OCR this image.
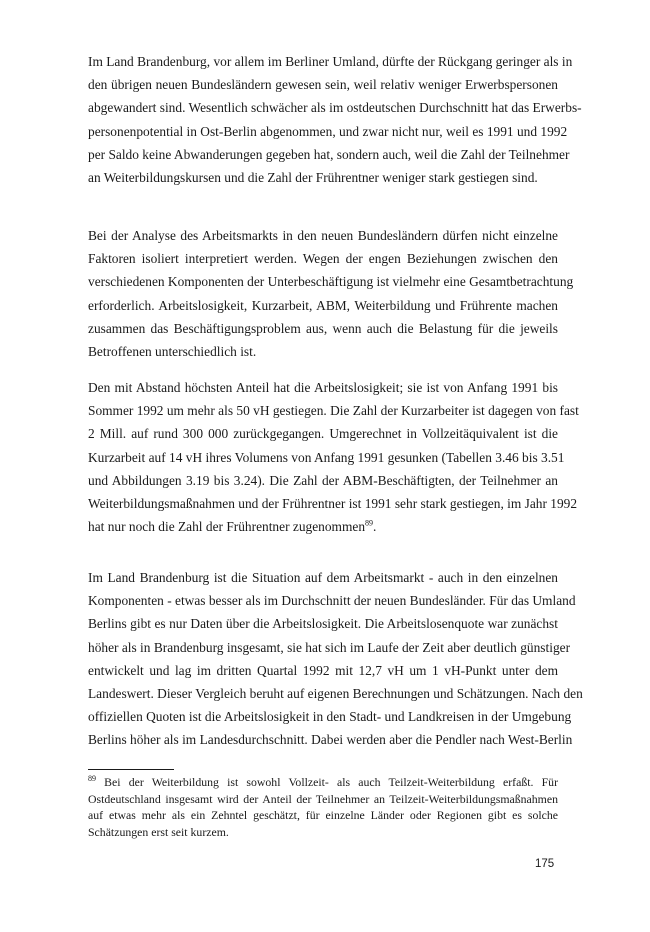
Im Land Brandenburg, vor allem im Berliner Umland, dürfte der Rückgang geringer als in
den übrigen neuen Bundesländern gewesen sein, weil relativ weniger Erwerbspersonen
abgewandert sind. Wesentlich schwächer als im ostdeutschen Durchschnitt hat das Erwerbs-
personenpotential in Ost-Berlin abgenommen, und zwar nicht nur, weil es 1991 und 1992
per Saldo keine Abwanderungen gegeben hat, sondern auch, weil die Zahl der Teilnehmer
an Weiterbildungskursen und die Zahl der Frührentner weniger stark gestiegen sind.

Bei der Analyse des Arbeitsmarkts in den neuen Bundesländern dürfen nicht einzelne
Faktoren isoliert interpretiert werden. Wegen der engen Beziehungen zwischen den
verschiedenen Komponenten der Unterbeschäftigung ist vielmehr eine Gesamtbetrachtung
erforderlich. Arbeitslosigkeit, Kurzarbeit, ABM, Weiterbildung und Frührente machen
zusammen das Beschäftigungsproblem aus, wenn auch die Belastung für die jeweils
Betroffenen unterschiedlich ist.

Den mit Abstand höchsten Anteil hat die Arbeitslosigkeit; sie ist von Anfang 1991 bis
Sommer 1992 um mehr als 50 vH gestiegen. Die Zahl der Kurzarbeiter ist dagegen von fast
2 Mill. auf rund 300 000 zurückgegangen. Umgerechnet in Vollzeitäquivalent ist die
Kurzarbeit auf 14 vH ihres Volumens von Anfang 1991 gesunken (Tabellen 3.46 bis 3.51
und Abbildungen 3.19 bis 3.24). Die Zahl der ABM-Beschäftigten, der Teilnehmer an
Weiterbildungsmaßnahmen und der Frührentner ist 1991 sehr stark gestiegen, im Jahr 1992
hat nur noch die Zahl der Frührentner zugenommen$^{89}$.

Im Land Brandenburg ist die Situation auf dem Arbeitsmarkt - auch in den einzelnen
Komponenten - etwas besser als im Durchschnitt der neuen Bundesländer. Für das Umland
Berlins gibt es nur Daten über die Arbeitslosigkeit. Die Arbeitslosenquote war zunächst
höher als in Brandenburg insgesamt, sie hat sich im Laufe der Zeit aber deutlich günstiger
entwickelt und lag im dritten Quartal 1992 mit 12,7 vH um 1 vH-Punkt unter dem
Landeswert. Dieser Vergleich beruht auf eigenen Berechnungen und Schätzungen. Nach den
offiziellen Quoten ist die Arbeitslosigkeit in den Stadt- und Landkreisen in der Umgebung
Berlins höher als im Landesdurchschnitt. Dabei werden aber die Pendler nach West-Berlin

$^{89}$ Bei der Weiterbildung ist sowohl Vollzeit- als auch Teilzeit-Weiterbildung erfaßt. Für
Ostdeutschland insgesamt wird der Anteil der Teilnehmer an Teilzeit-Weiterbildungsmaßnahmen
auf etwas mehr als ein Zehntel geschätzt, für einzelne Länder oder Regionen gibt es solche
Schätzungen erst seit kurzem.
175
